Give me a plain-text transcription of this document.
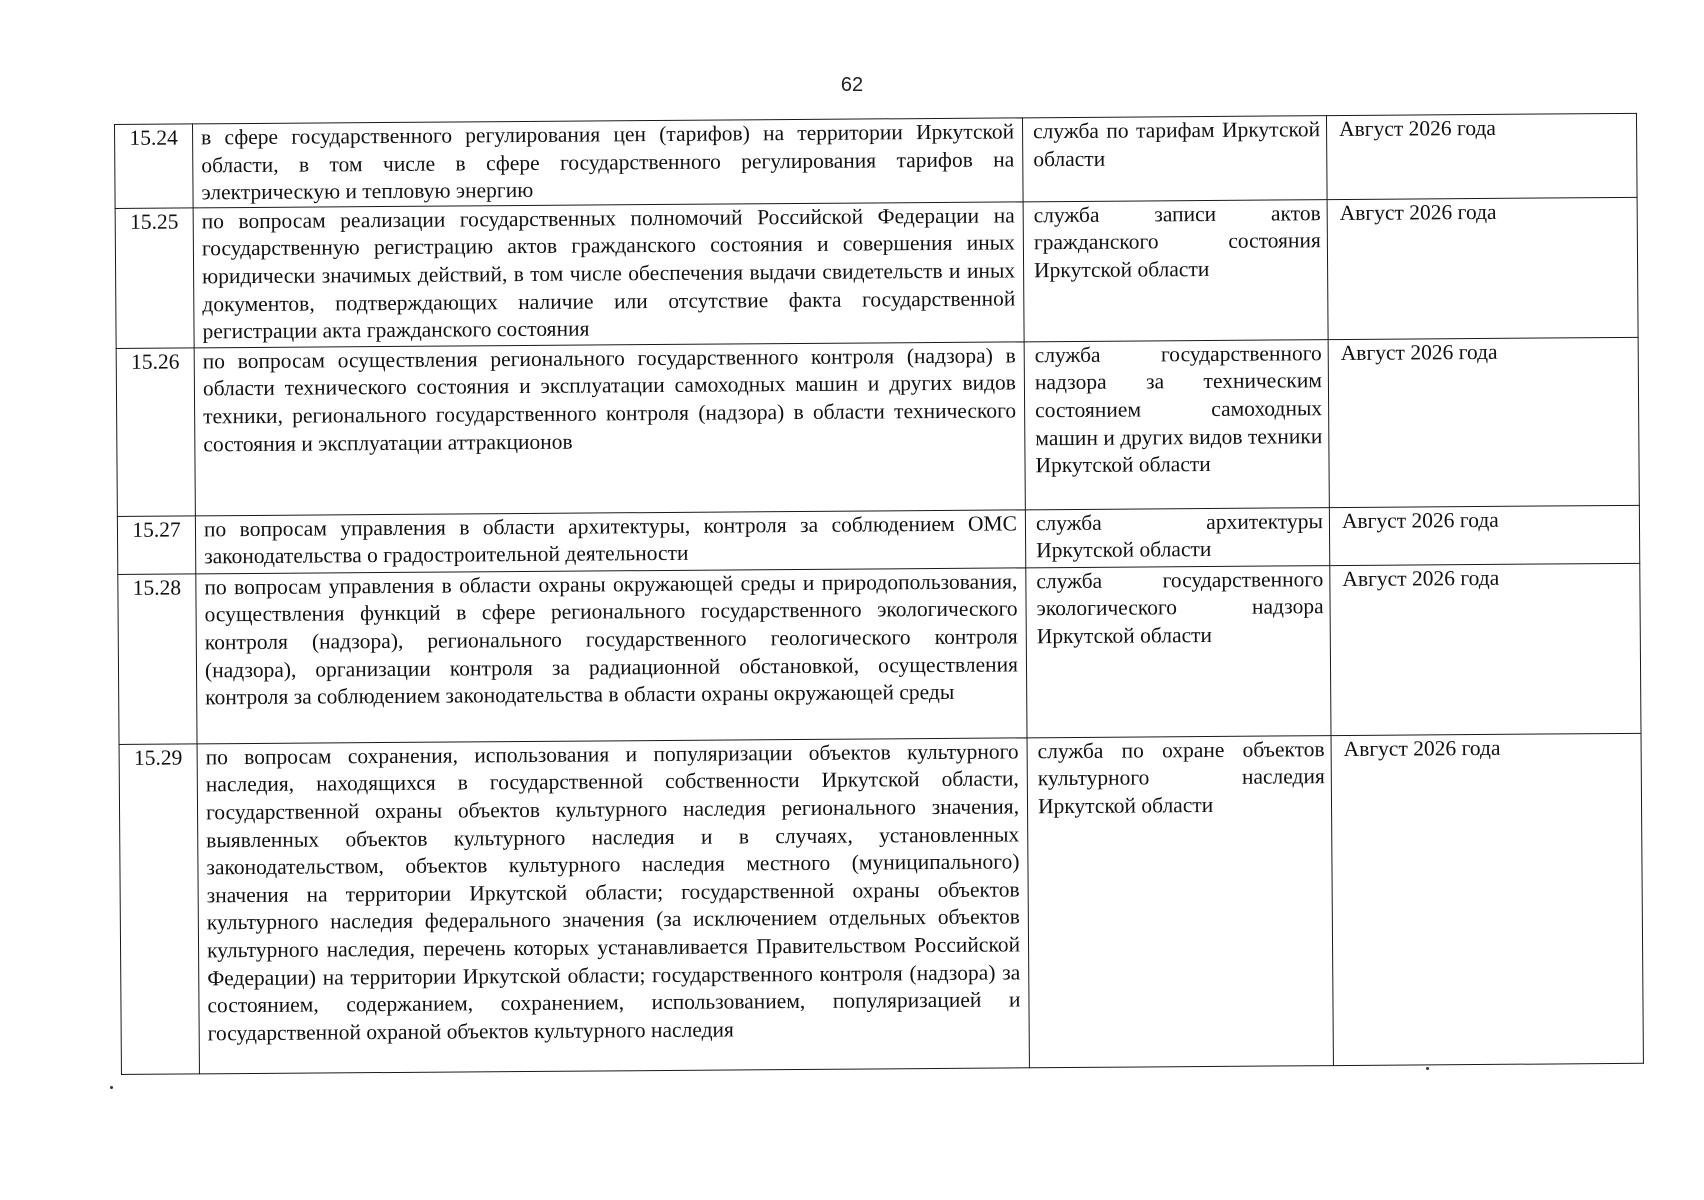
62
15.24	в сфере государственного регулирования цен (тарифов) на территории Иркутской области, в том числе в сфере государственного регулирования тарифов на электрическую и тепловую энергию	служба по тарифам Иркутской области	Август 2026 года
15.25	по вопросам реализации государственных полномочий Российской Федерации на государственную регистрацию актов гражданского состояния и совершения иных юридически значимых действий, в том числе обеспечения выдачи свидетельств и иных документов, подтверждающих наличие или отсутствие факта государственной регистрации акта гражданского состояния	служба записи актов гражданского состояния Иркутской области	Август 2026 года
15.26	по вопросам осуществления регионального государственного контроля (надзора) в области технического состояния и эксплуатации самоходных машин и других видов техники, регионального государственного контроля (надзора) в области технического состояния и эксплуатации аттракционов	служба государственного надзора за техническим состоянием самоходных машин и других видов техники Иркутской области	Август 2026 года
15.27	по вопросам управления в области архитектуры, контроля за соблюдением ОМС законодательства о градостроительной деятельности	служба архитектуры Иркутской области	Август 2026 года
15.28	по вопросам управления в области охраны окружающей среды и природопользования, осуществления функций в сфере регионального государственного экологического контроля (надзора), регионального государственного геологического контроля (надзора), организации контроля за радиационной обстановкой, осуществления контроля за соблюдением законодательства в области охраны окружающей среды	служба государственного экологического надзора Иркутской области	Август 2026 года
15.29	по вопросам сохранения, использования и популяризации объектов культурного наследия, находящихся в государственной собственности Иркутской области, государственной охраны объектов культурного наследия регионального значения, выявленных объектов культурного наследия и в случаях, установленных законодательством, объектов культурного наследия местного (муниципального) значения на территории Иркутской области; государственной охраны объектов культурного наследия федерального значения (за исключением отдельных объектов культурного наследия, перечень которых устанавливается Правительством Российской Федерации) на территории Иркутской области; государственного контроля (надзора) за состоянием, содержанием, сохранением, использованием, популяризацией и государственной охраной объектов культурного наследия	служба по охране объектов культурного наследия Иркутской области	Август 2026 года
